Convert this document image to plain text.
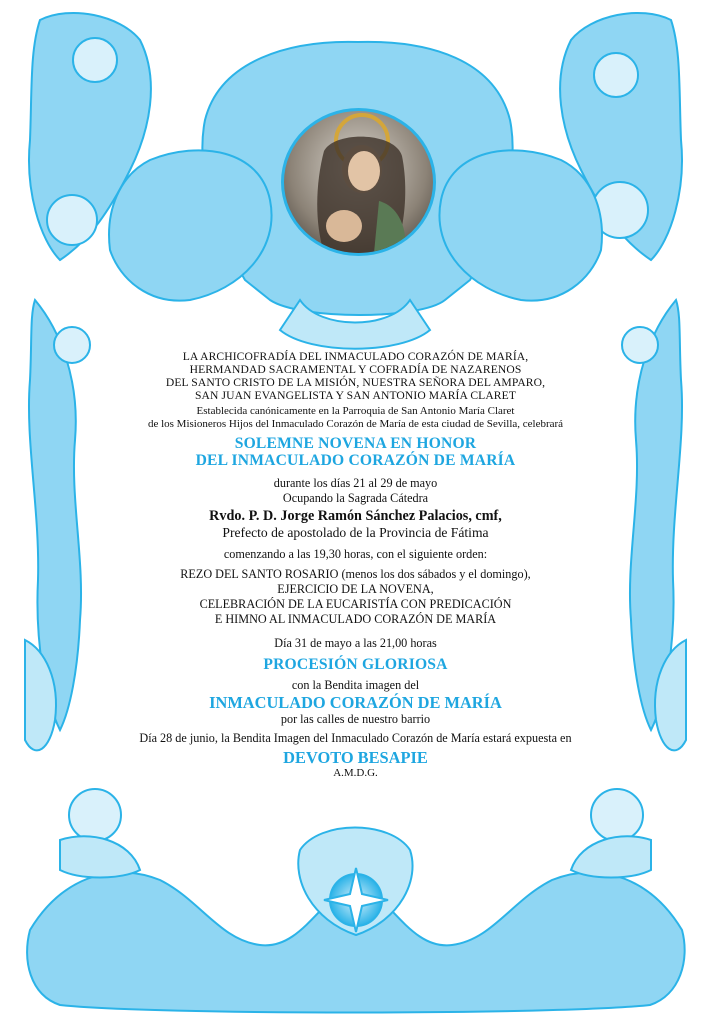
LA ARCHICOFRADÍA DEL INMACULADO CORAZÓN DE MARÍA,
HERMANDAD SACRAMENTAL Y COFRADÍA DE NAZARENOS
DEL SANTO CRISTO DE LA MISIÓN, NUESTRA SEÑORA DEL AMPARO,
SAN JUAN EVANGELISTA Y SAN ANTONIO MARÍA CLARET
Establecida canónicamente en la Parroquia de San Antonio María Claret
de los Misioneros Hijos del Inmaculado Corazón de María de esta ciudad de Sevilla, celebrará
SOLEMNE NOVENA EN HONOR
DEL INMACULADO CORAZÓN DE MARÍA
durante los días 21 al 29 de mayo
Ocupando la Sagrada Cátedra
Rvdo. P. D. Jorge Ramón Sánchez Palacios, cmf,
Prefecto de apostolado de la Provincia de Fátima
comenzando a las 19,30 horas, con el siguiente orden:
REZO DEL SANTO ROSARIO (menos los dos sábados y el domingo),
EJERCICIO DE LA NOVENA,
CELEBRACIÓN DE LA EUCARISTÍA CON PREDICACIÓN
E HIMNO AL INMACULADO CORAZÓN DE MARÍA
Día 31 de mayo a las 21,00 horas
PROCESIÓN GLORIOSA
con la Bendita imagen del
INMACULADO CORAZÓN DE MARÍA
por las calles de nuestro barrio
Día 28 de junio, la Bendita Imagen del Inmaculado Corazón de María estará expuesta en
DEVOTO BESAPIE
A.M.D.G.
